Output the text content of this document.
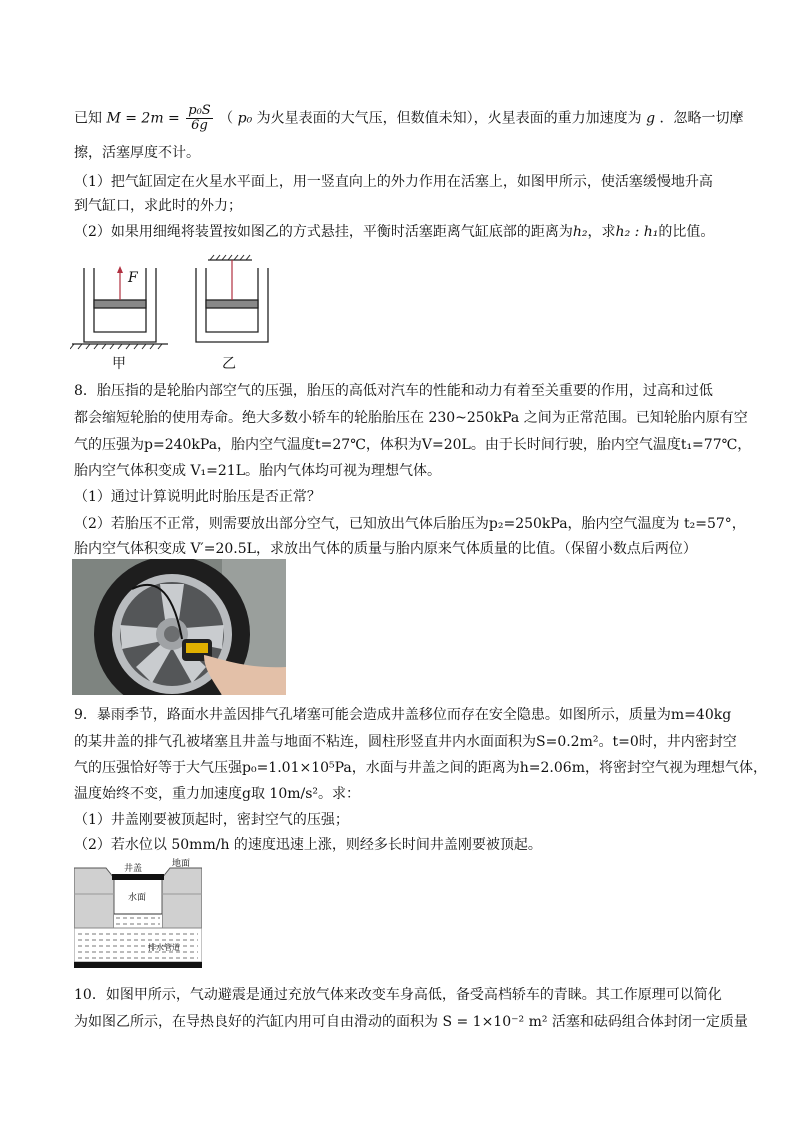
已知 $M = 2m = \frac{\text{p₀S}}{6g}$ （ p₀ 为火星表面的大气压，但数值未知），火星表面的重力加速度为 g ．忽略一切摩
擦，活塞厚度不计。
（1）把气缸固定在火星水平面上，用一竖直向上的外力作用在活塞上，如图甲所示，使活塞缓慢地升高
到气缸口，求此时的外力；
（2）如果用细绳将装置按如图乙的方式悬挂，平衡时活塞距离气缸底部的距离为h₂，求h₂ : h₁的比值。
F
甲	乙
8．胎压指的是轮胎内部空气的压强，胎压的高低对汽车的性能和动力有着至关重要的作用，过高和过低
都会缩短轮胎的使用寿命。绝大多数小轿车的轮胎胎压在 230~250kPa 之间为正常范围。已知轮胎内原有空
气的压强为p=240kPa，胎内空气温度t=27℃，体积为V=20L。由于长时间行驶，胎内空气温度t₁=77℃，
胎内空气体积变成 V₁=21L。胎内气体均可视为理想气体。
（1）通过计算说明此时胎压是否正常？
（2）若胎压不正常，则需要放出部分空气，已知放出气体后胎压为p₂=250kPa，胎内空气温度为 t₂=57°，
胎内空气体积变成 V′=20.5L，求放出气体的质量与胎内原来气体质量的比值。（保留小数点后两位）
9．暴雨季节，路面水井盖因排气孔堵塞可能会造成井盖移位而存在安全隐患。如图所示，质量为m=40kg
的某井盖的排气孔被堵塞且井盖与地面不粘连，圆柱形竖直井内水面面积为S=0.2m²。t=0时，井内密封空
气的压强恰好等于大气压强p₀=1.01×10⁵Pa，水面与井盖之间的距离为h=2.06m，将密封空气视为理想气体，
温度始终不变，重力加速度g取 10m/s²。求：
（1）井盖刚要被顶起时，密封空气的压强；
（2）若水位以 50mm/h 的速度迅速上涨，则经多长时间井盖刚要被顶起。
井盖	地面
水面
排水管道
10．如图甲所示，气动避震是通过充放气体来改变车身高低，备受高档轿车的青睐。其工作原理可以简化
为如图乙所示，在导热良好的汽缸内用可自由滑动的面积为 S = 1×10⁻² m² 活塞和砝码组合体封闭一定质量
